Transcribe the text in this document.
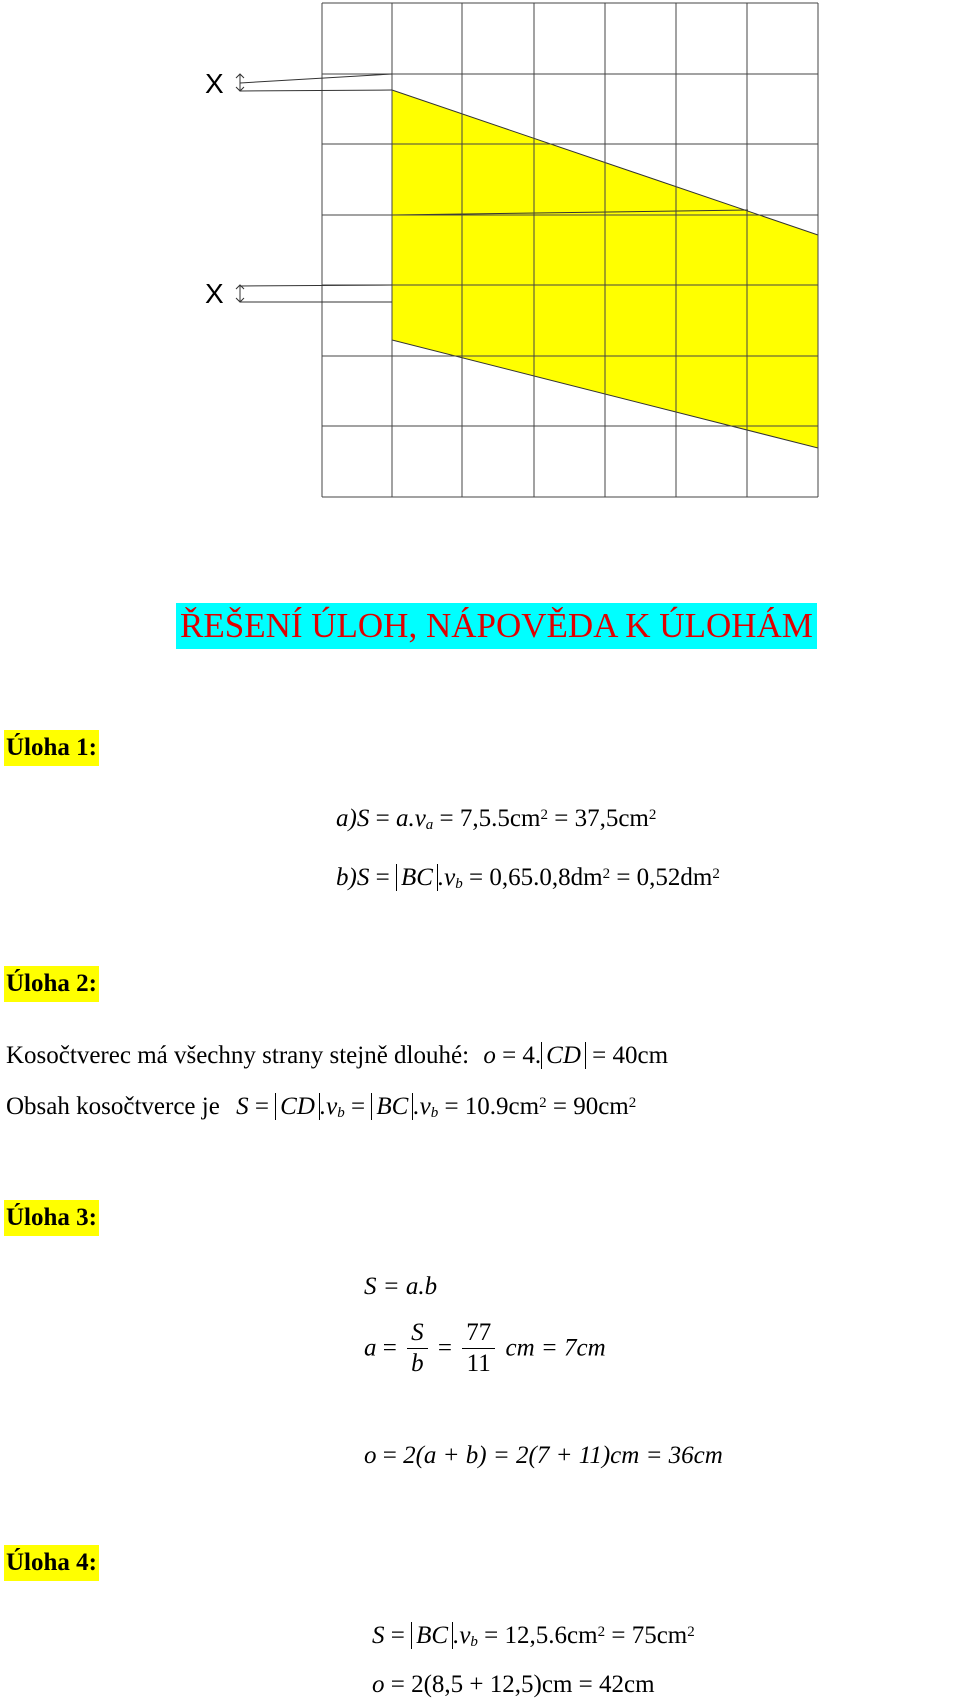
X
X
ŘEŠENÍ ÚLOH, NÁPOVĚDA K ÚLOHÁM
Úloha 1:
$a)S = a.v_a = 7,5.5cm^2 = 37,5cm^2$
b)S = BC $.v_b = 0,65.0,8dm^2 = 0,52dm^2$
Úloha 2:
Kosočtverec má všechny strany stejně dlouhé: o = 4. CD = 40cm
Obsah kosočtverce je S = CD $.v_b$ = BC $.v_b = 10.9cm^2 = 90cm^2$
Úloha 3:
S = a.b
$a = \frac{S}{b} = \frac{77}{11}$ cm = 7cm
o = 2(a + b) = 2(7 + 11)cm = 36cm
Úloha 4:
S = BC $.v_b = 12,5.6cm^2 = 75cm^2$
o = 2(8,5 + 12,5)cm = 42cm
